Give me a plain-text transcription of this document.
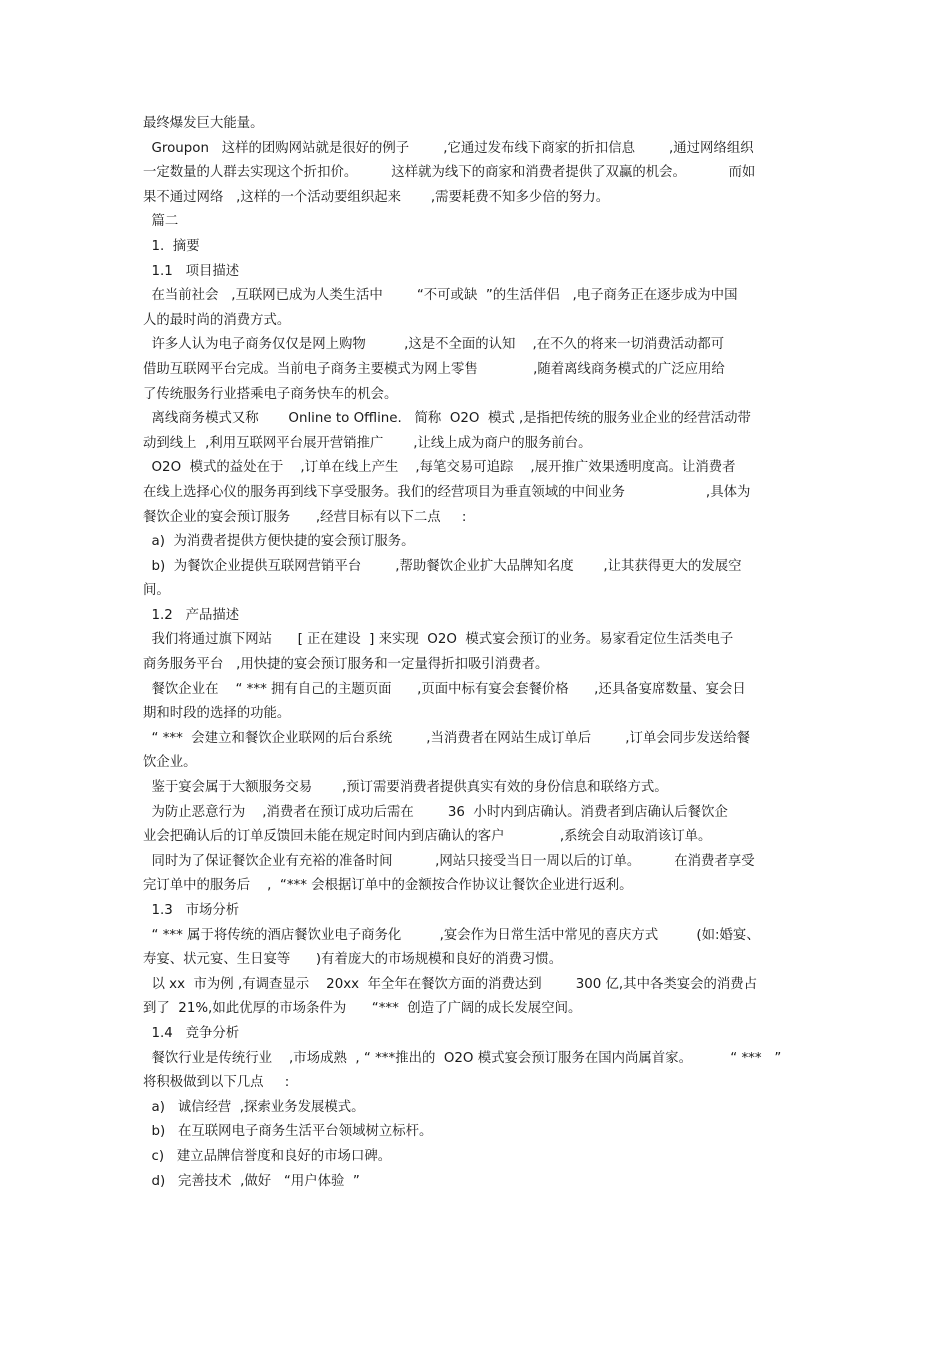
最终爆发巨大能量。

Groupon   这样的团购网站就是很好的例子        ,它通过发布线下商家的折扣信息        ,通过网络组织

一定数量的人群去实现这个折扣价。        这样就为线下的商家和消费者提供了双赢的机会。          而如

果不通过网络   ,这样的一个活动要组织起来       ,需要耗费不知多少倍的努力。

篇二

1.  摘要

1.1   项目描述

在当前社会   ,互联网已成为人类生活中        “不可或缺  ”的生活伴侣   ,电子商务正在逐步成为中国

人的最时尚的消费方式。

许多人认为电子商务仅仅是网上购物         ,这是不全面的认知    ,在不久的将来一切消费活动都可

借助互联网平台完成。当前电子商务主要模式为网上零售             ,随着离线商务模式的广泛应用给

了传统服务行业搭乘电子商务快车的机会。

离线商务模式又称       Online to Offline.   简称  O2O  模式 ,是指把传统的服务业企业的经营活动带

动到线上  ,利用互联网平台展开营销推广       ,让线上成为商户的服务前台。

O2O  模式的益处在于    ,订单在线上产生    ,每笔交易可追踪    ,展开推广效果透明度高。让消费者

在线上选择心仪的服务再到线下享受服务。我们的经营项目为垂直领域的中间业务                   ,具体为

餐饮企业的宴会预订服务      ,经营目标有以下二点     :

a)  为消费者提供方便快捷的宴会预订服务。

b)  为餐饮企业提供互联网营销平台        ,帮助餐饮企业扩大品牌知名度       ,让其获得更大的发展空

间。

1.2   产品描述

我们将通过旗下网站      [ 正在建设  ] 来实现  O2O  模式宴会预订的业务。易家看定位生活类电子

商务服务平台   ,用快捷的宴会预订服务和一定量得折扣吸引消费者。

餐饮企业在    “ *** 拥有自己的主题页面      ,页面中标有宴会套餐价格      ,还具备宴席数量、宴会日

期和时段的选择的功能。

“ ***  会建立和餐饮企业联网的后台系统        ,当消费者在网站生成订单后        ,订单会同步发送给餐

饮企业。

鉴于宴会属于大额服务交易       ,预订需要消费者提供真实有效的身份信息和联络方式。

为防止恶意行为    ,消费者在预订成功后需在        36  小时内到店确认。消费者到店确认后餐饮企

业会把确认后的订单反馈回未能在规定时间内到店确认的客户             ,系统会自动取消该订单。

同时为了保证餐饮企业有充裕的准备时间          ,网站只接受当日一周以后的订单。        在消费者享受

完订单中的服务后    ,  “*** 会根据订单中的金额按合作协议让餐饮企业进行返利。

1.3   市场分析

“ *** 属于将传统的酒店餐饮业电子商务化         ,宴会作为日常生活中常见的喜庆方式         (如:婚宴、

寿宴、状元宴、生日宴等      )有着庞大的市场规模和良好的消费习惯。

以 xx  市为例 ,有调查显示    20xx  年全年在餐饮方面的消费达到        300 亿,其中各类宴会的消费占

到了  21%,如此优厚的市场条件为      “***  创造了广阔的成长发展空间。

1.4   竞争分析

餐饮行业是传统行业    ,市场成熟  , “ ***推出的  O2O 模式宴会预订服务在国内尚属首家。         “ ***   ”

将积极做到以下几点     :

a)   诚信经营  ,探索业务发展模式。

b)   在互联网电子商务生活平台领域树立标杆。

c)   建立品牌信誉度和良好的市场口碑。

d)   完善技术  ,做好   “用户体验  ”
